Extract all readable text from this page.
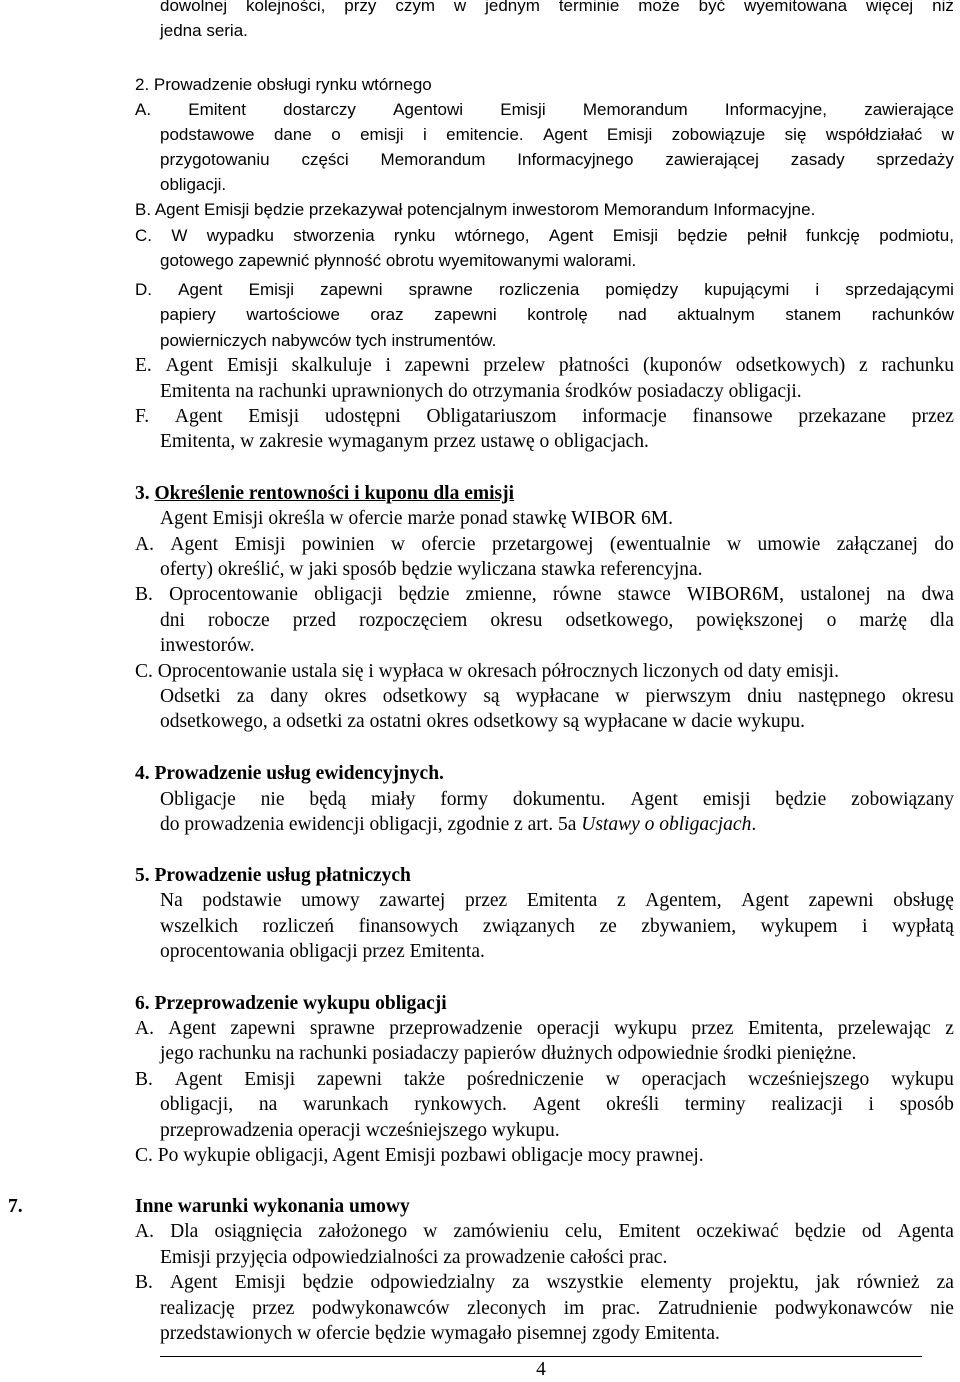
dowolnej kolejności, przy czym w jednym terminie może być wyemitowana więcej niż
jedna seria.
2. Prowadzenie obsługi rynku wtórnego
A. Emitent dostarczy Agentowi Emisji Memorandum Informacyjne, zawierające
podstawowe dane o emisji i emitencie. Agent Emisji zobowiązuje się współdziałać w
przygotowaniu części Memorandum Informacyjnego zawierającej zasady sprzedaży
obligacji.
B. Agent Emisji będzie przekazywał potencjalnym inwestorom Memorandum Informacyjne.
C. W wypadku stworzenia rynku wtórnego, Agent Emisji będzie pełnił funkcję podmiotu,
gotowego zapewnić płynność obrotu wyemitowanymi walorami.
D. Agent Emisji zapewni sprawne rozliczenia pomiędzy kupującymi i sprzedającymi
papiery wartościowe oraz zapewni kontrolę nad aktualnym stanem rachunków
powierniczych nabywców tych instrumentów.
E. Agent Emisji skalkuluje i zapewni przelew płatności (kuponów odsetkowych) z rachunku
Emitenta na rachunki uprawnionych do otrzymania środków posiadaczy obligacji.
F. Agent Emisji udostępni Obligatariuszom informacje finansowe przekazane przez
Emitenta, w zakresie wymaganym przez ustawę o obligacjach.
3. Określenie rentowności i kuponu dla emisji
Agent Emisji określa w ofercie marże ponad stawkę WIBOR 6M.
A. Agent Emisji powinien w ofercie przetargowej (ewentualnie w umowie załączanej do
oferty) określić, w jaki sposób będzie wyliczana stawka referencyjna.
B. Oprocentowanie obligacji będzie zmienne, równe stawce WIBOR6M, ustalonej na dwa
dni robocze przed rozpoczęciem okresu odsetkowego, powiększonej o marżę dla
inwestorów.
C. Oprocentowanie ustala się i wypłaca w okresach półrocznych liczonych od daty emisji.
Odsetki za dany okres odsetkowy są wypłacane w pierwszym dniu następnego okresu
odsetkowego, a odsetki za ostatni okres odsetkowy są wypłacane w dacie wykupu.
4. Prowadzenie usług ewidencyjnych.
Obligacje nie będą miały formy dokumentu. Agent emisji będzie zobowiązany
do prowadzenia ewidencji obligacji, zgodnie z art. 5a Ustawy o obligacjach.
5. Prowadzenie usług płatniczych
Na podstawie umowy zawartej przez Emitenta z Agentem, Agent zapewni obsługę
wszelkich rozliczeń finansowych związanych ze zbywaniem, wykupem i wypłatą
oprocentowania obligacji przez Emitenta.
6. Przeprowadzenie wykupu obligacji
A. Agent zapewni sprawne przeprowadzenie operacji wykupu przez Emitenta, przelewając z
jego rachunku na rachunki posiadaczy papierów dłużnych odpowiednie środki pieniężne.
B. Agent Emisji zapewni także pośredniczenie w operacjach wcześniejszego wykupu
obligacji, na warunkach rynkowych. Agent określi terminy realizacji i sposób
przeprowadzenia operacji wcześniejszego wykupu.
C. Po wykupie obligacji, Agent Emisji pozbawi obligacje mocy prawnej.
7.	Inne warunki wykonania umowy
A. Dla osiągnięcia założonego w zamówieniu celu, Emitent oczekiwać będzie od Agenta
Emisji przyjęcia odpowiedzialności za prowadzenie całości prac.
B. Agent Emisji będzie odpowiedzialny za wszystkie elementy projektu, jak również za
realizację przez podwykonawców zleconych im prac. Zatrudnienie podwykonawców nie
przedstawionych w ofercie będzie wymagało pisemnej zgody Emitenta.
4
